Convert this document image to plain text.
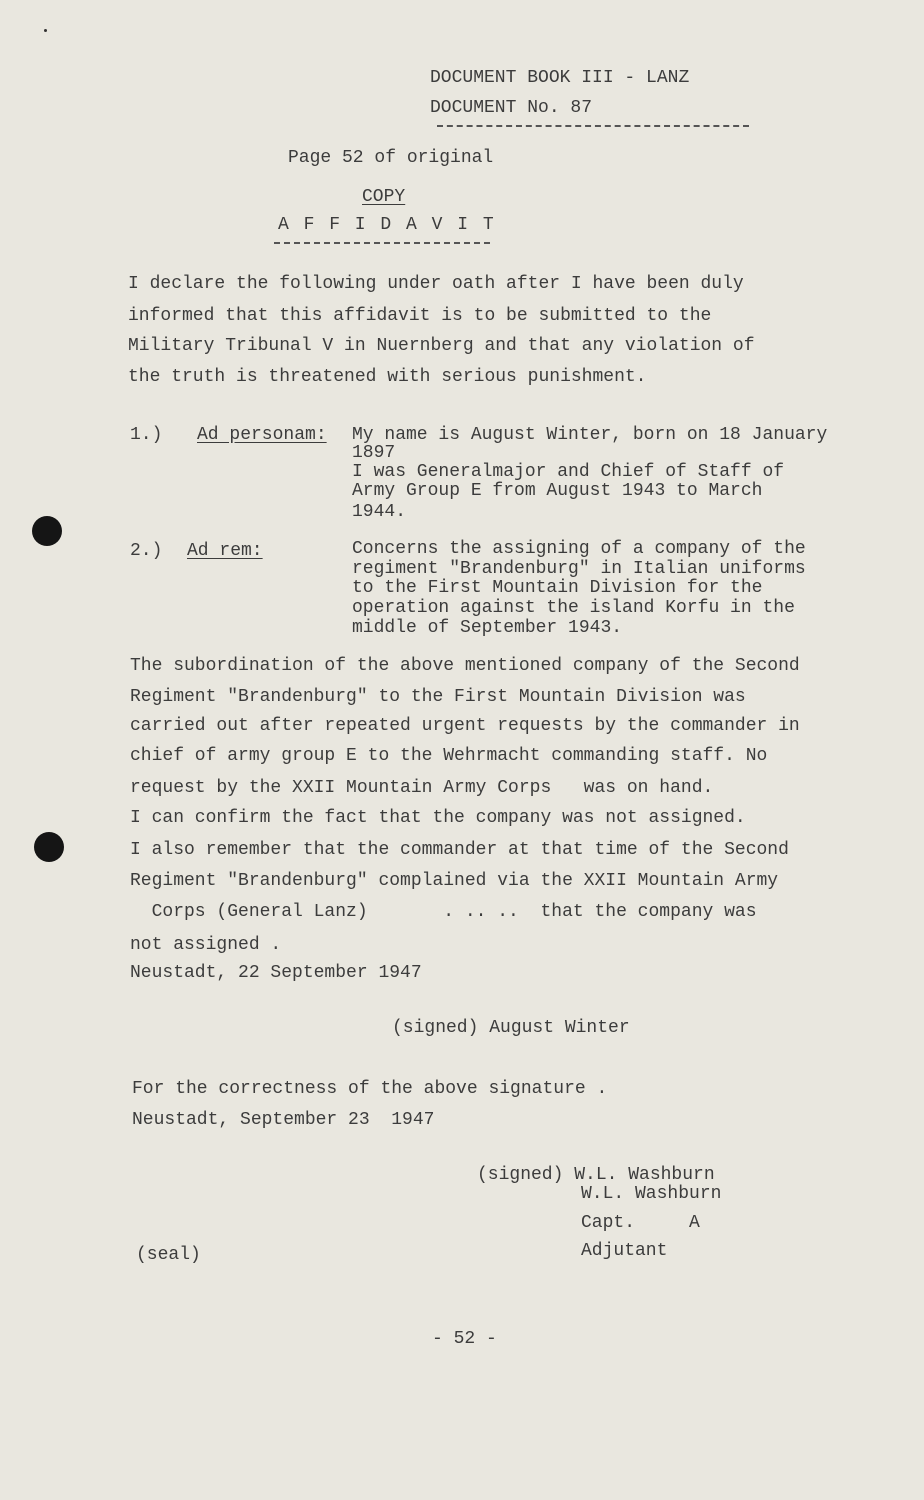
DOCUMENT BOOK III - LANZ
DOCUMENT No. 87
Page 52 of original
COPY
A F F I D A V I T
I declare the following under oath after I have been duly
informed that this affidavit is to be submitted to the
Military Tribunal V in Nuernberg and that any violation of
the truth is threatened with serious punishment.
1.) Ad personam: My name is August Winter, born on 18 January
1897
I was Generalmajor and Chief of Staff of
Army Group E from August 1943 to March
1944.
2.) Ad rem:	Concerns the assigning of a company of the
regiment "Brandenburg" in Italian uniforms
to the First Mountain Division for the
operation against the island Korfu in the
middle of September 1943.
The subordination of the above mentioned company of the Second
Regiment "Brandenburg" to the First Mountain Division was
carried out after repeated urgent requests by the commander in
chief of army group E to the Wehrmacht commanding staff. No
request by the XXII Mountain Army Corps   was on hand.
I can confirm the fact that the company was not assigned.
I also remember that the commander at that time of the Second
Regiment "Brandenburg" complained via the XXII Mountain Army
Corps (General Lanz)       . .. ..  that the company was
not assigned .
Neustadt, 22 September 1947
(signed) August Winter
For the correctness of the above signature .
Neustadt, September 23  1947
(signed) W.L. Washburn
W.L. Washburn
Capt.     A
Adjutant
(seal)
- 52 -
